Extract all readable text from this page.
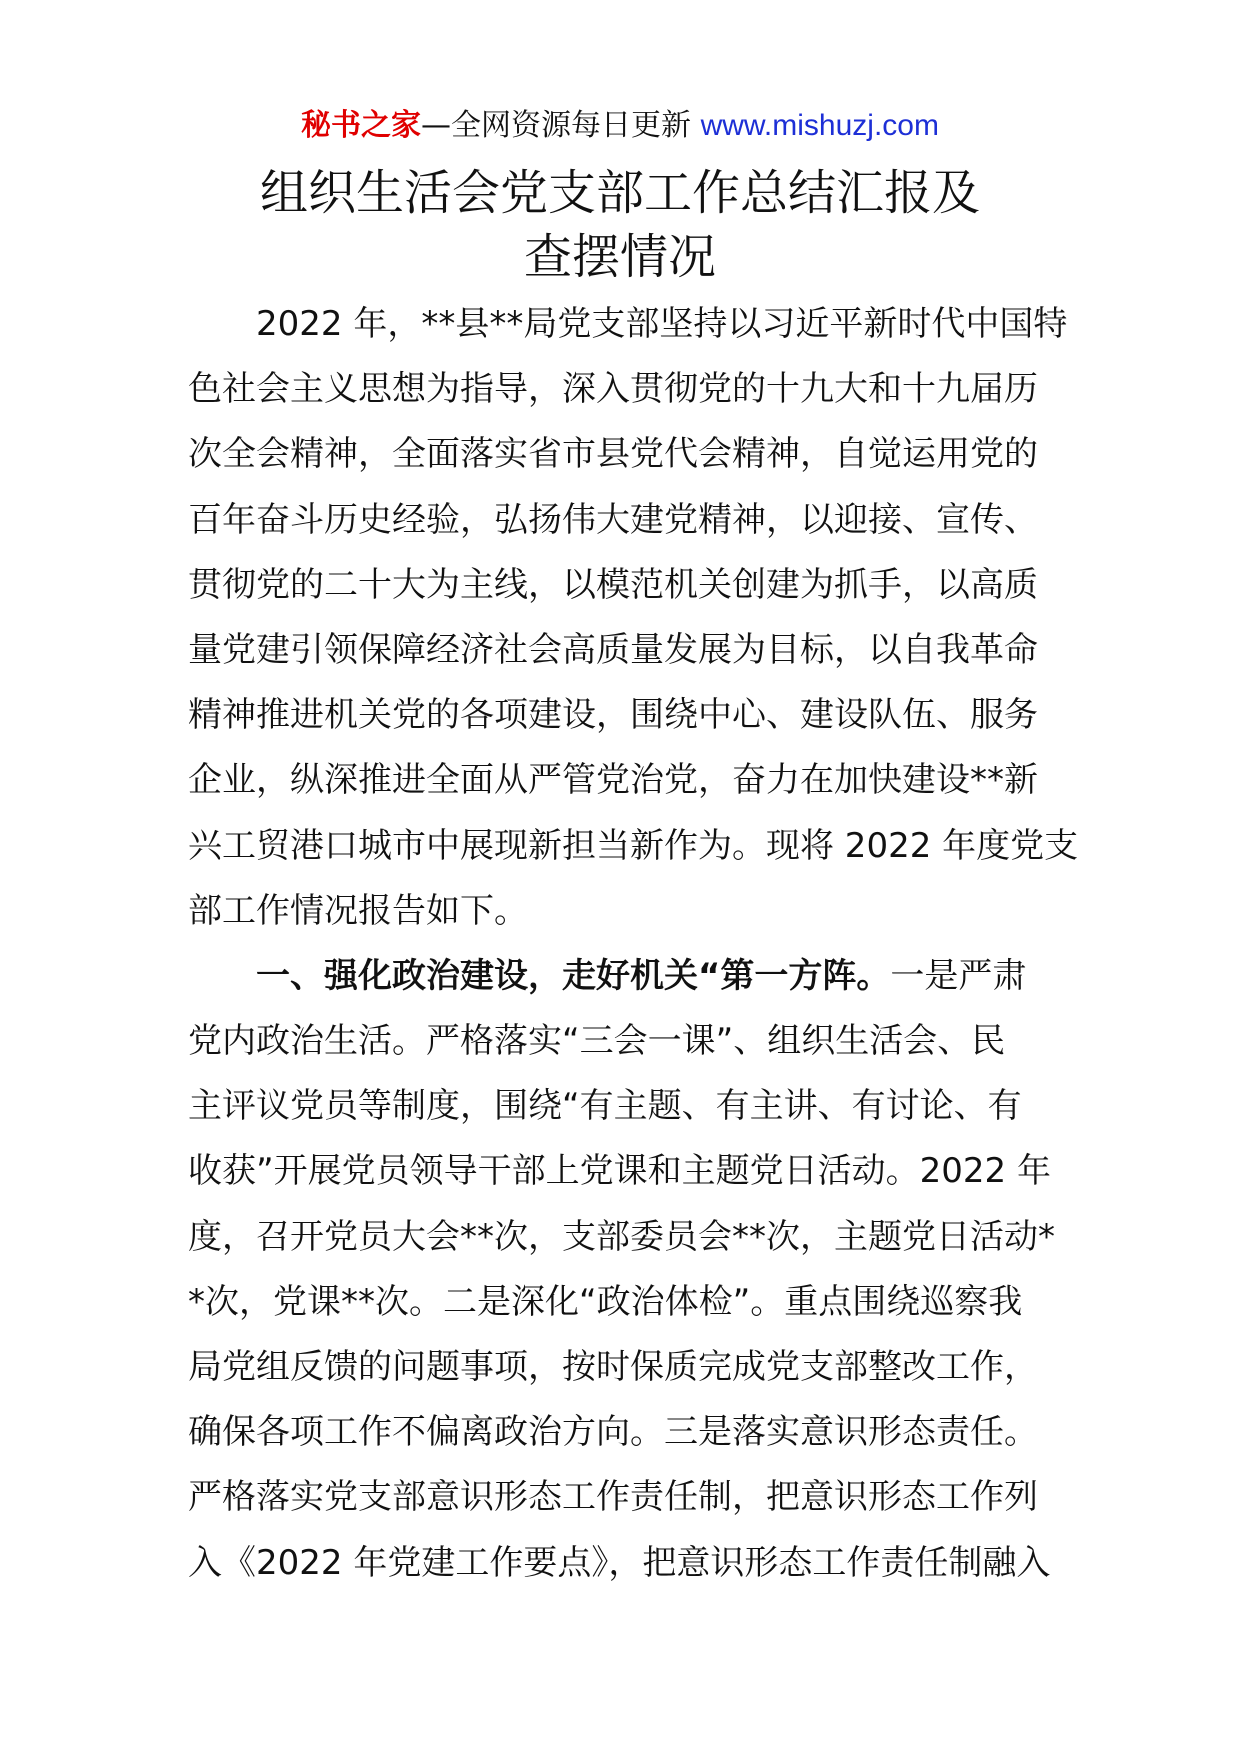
秘书之家—全网资源每日更新 www.mishuzj.com
组织生活会党支部工作总结汇报及
查摆情况
2022 年，**县**局党支部坚持以习近平新时代中国特
色社会主义思想为指导，深入贯彻党的十九大和十九届历
次全会精神，全面落实省市县党代会精神，自觉运用党的
百年奋斗历史经验，弘扬伟大建党精神，以迎接、宣传、
贯彻党的二十大为主线，以模范机关创建为抓手，以高质
量党建引领保障经济社会高质量发展为目标，以自我革命
精神推进机关党的各项建设，围绕中心、建设队伍、服务
企业，纵深推进全面从严管党治党，奋力在加快建设**新
兴工贸港口城市中展现新担当新作为。现将 2022 年度党支
部工作情况报告如下。
一、强化政治建设，走好机关“第一方阵。一是严肃
党内政治生活。严格落实“三会一课”、组织生活会、民
主评议党员等制度，围绕“有主题、有主讲、有讨论、有
收获”开展党员领导干部上党课和主题党日活动。2022 年
度，召开党员大会**次，支部委员会**次，主题党日活动*
*次，党课**次。二是深化“政治体检”。重点围绕巡察我
局党组反馈的问题事项，按时保质完成党支部整改工作，
确保各项工作不偏离政治方向。三是落实意识形态责任。
严格落实党支部意识形态工作责任制，把意识形态工作列
入《2022 年党建工作要点》，把意识形态工作责任制融入
